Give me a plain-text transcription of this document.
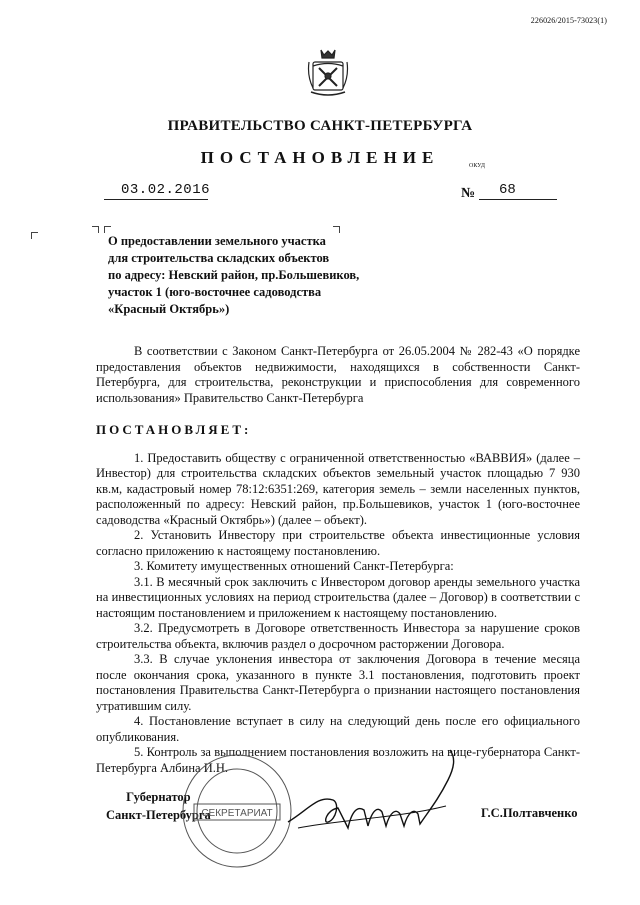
226026/2015-73023(1)
ПРАВИТЕЛЬСТВО САНКТ-ПЕТЕРБУРГА
ПОСТАНОВЛЕНИЕ	ОКУД
03.02.2016	№ 68
О предоставлении земельного участка
для строительства складских объектов
по адресу: Невский район, пр.Большевиков,
участок 1 (юго-восточнее садоводства
«Красный Октябрь»)

В соответствии с Законом Санкт-Петербурга от 26.05.2004 № 282-43 «О порядке предоставления объектов недвижимости, находящихся в собственности Санкт-Петербурга, для строительства, реконструкции и приспособления для современного использования» Правительство Санкт-Петербурга

ПОСТАНОВЛЯЕТ:

1. Предоставить обществу с ограниченной ответственностью «ВАВВИЯ» (далее – Инвестор) для строительства складских объектов земельный участок площадью 7 930 кв.м, кадастровый номер 78:12:6351:269, категория земель – земли населенных пунктов, расположенный по адресу: Невский район, пр.Большевиков, участок 1 (юго-восточнее садоводства «Красный Октябрь») (далее – объект).

2. Установить Инвестору при строительстве объекта инвестиционные условия согласно приложению к настоящему постановлению.

3. Комитету имущественных отношений Санкт-Петербурга:

3.1. В месячный срок заключить с Инвестором договор аренды земельного участка на инвестиционных условиях на период строительства (далее – Договор) в соответствии с настоящим постановлением и приложением к настоящему постановлению.

3.2. Предусмотреть в Договоре ответственность Инвестора за нарушение сроков строительства объекта, включив раздел о досрочном расторжении Договора.

3.3. В случае уклонения инвестора от заключения Договора в течение месяца после окончания срока, указанного в пункте 3.1 постановления, подготовить проект постановления Правительства Санкт-Петербурга о признании настоящего постановления утратившим силу.

4. Постановление вступает в силу на следующий день после его официального опубликования.

5. Контроль за выполнением постановления возложить на вице-губернатора Санкт-Петербурга Албина И.Н.

Губернатор
Санкт-Петербурга	Г.С.Полтавченко
СЕКРЕТАРИАТ
